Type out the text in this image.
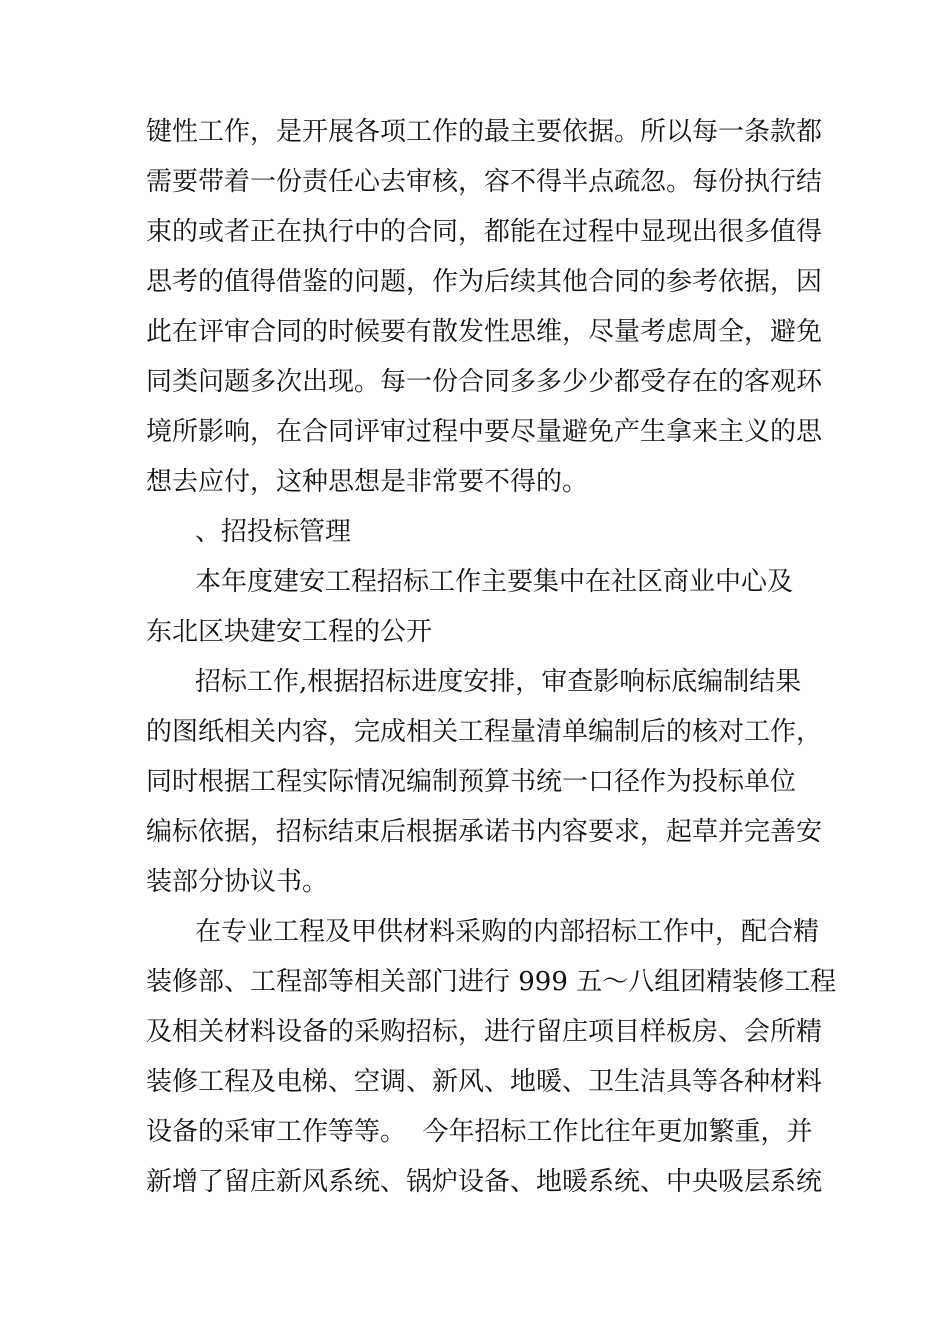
键性工作，是开展各项工作的最主要依据。所以每一条款都
需要带着一份责任心去审核，容不得半点疏忽。每份执行结
束的或者正在执行中的合同，都能在过程中显现出很多值得
思考的值得借鉴的问题，作为后续其他合同的参考依据，因
此在评审合同的时候要有散发性思维，尽量考虑周全，避免
同类问题多次出现。每一份合同多多少少都受存在的客观环
境所影响，在合同评审过程中要尽量避免产生拿来主义的思
想去应付，这种思想是非常要不得的。
、招投标管理
本年度建安工程招标工作主要集中在社区商业中心及
东北区块建安工程的公开
招标工作,根据招标进度安排，审查影响标底编制结果
的图纸相关内容，完成相关工程量清单编制后的核对工作，
同时根据工程实际情况编制预算书统一口径作为投标单位
编标依据，招标结束后根据承诺书内容要求，起草并完善安
装部分协议书。
在专业工程及甲供材料采购的内部招标工作中，配合精
装修部、工程部等相关部门进行 999 五～八组团精装修工程
及相关材料设备的采购招标，进行留庄项目样板房、会所精
装修工程及电梯、空调、新风、地暖、卫生洁具等各种材料
设备的采审工作等等。  今年招标工作比往年更加繁重，并
新增了留庄新风系统、锅炉设备、地暖系统、中央吸层系统
